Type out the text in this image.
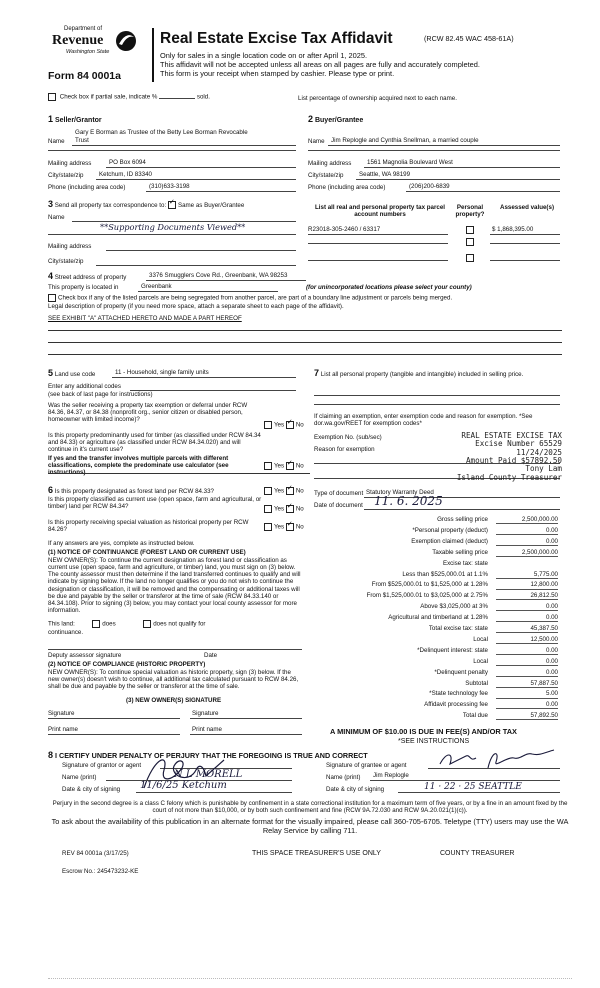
Department of
Revenue
Washington State
Form 84 0001a
Real Estate Excise Tax Affidavit	(RCW 82.45 WAC 458-61A)
Only for sales in a single location code on or after April 1, 2025.
This affidavit will not be accepted unless all areas on all pages are fully and accurately completed.
This form is your receipt when stamped by cashier. Please type or print.
Check box if partial sale, indicate %	sold.	List percentage of ownership acquired next to each name.
1 Seller/Grantor
Gary E Borman as Trustee of the Betty Lee Borman Revocable
Name	Trust
Mailing address	PO Box 6094
City/state/zip	Ketchum, ID 83340
Phone (including area code)	(310)633-3198
2 Buyer/Grantee
Name	Jim Replogle and Cynthia Snellman, a married couple
Mailing address	1561 Magnolia Boulevard West
City/state/zip	Seattle, WA 98199
Phone (including area code)	(206)200-6839
3 Send all property tax correspondence to: ✓ Same as Buyer/Grantee
Name
**Supporting Documents Viewed**
Mailing address
City/state/zip
List all real and personal property tax parcel account numbers
Personal property?
Assessed value(s)
R23018-305-2460 / 63317	$ 1,868,395.00
4 Street address of property	3376 Smugglers Cove Rd., Greenbank, WA 98253
This property is located in	Greenbank	(for unincorporated locations please select your county)
Check box if any of the listed parcels are being segregated from another parcel, are part of a boundary line adjustment or parcels being merged.
Legal description of property (if you need more space, attach a separate sheet to each page of the affidavit).
SEE EXHIBIT "A" ATTACHED HERETO AND MADE A PART HEREOF
5 Land use code	11 - Household, single family units
Enter any additional codes
(see back of last page for instructions)
Was the seller receiving a property tax exemption or deferral under RCW 84.36, 84.37, or 84.38 (nonprofit org., senior citizen or disabled person, homeowner with limited income)?
Yes ✓ No
Is this property predominantly used for timber (as classified under RCW 84.34 and 84.33) or agriculture (as classified under RCW 84.34.020) and will continue in it's current use?
If yes and the transfer involves multiple parcels with different classifications, complete the predominate use calculator (see instructions)
Yes ✓ No
6 Is this property designated as forest land per RCW 84.33?	Yes ✓ No
Is this property classified as current use (open space, farm and agricultural, or timber) land per RCW 84.34?	Yes ✓ No
Is this property receiving special valuation as historical property per RCW 84.26?	Yes ✓ No
If any answers are yes, complete as instructed below.
(1) NOTICE OF CONTINUANCE (FOREST LAND OR CURRENT USE)
NEW OWNER(S): To continue the current designation as forest land or classification as current use (open space, farm and agriculture, or timber) land, you must sign on (3) below. The county assessor must then determine if the land transferred continues to qualify and will indicate by signing below. If the land no longer qualifies or you do not wish to continue the designation or classification, it will be removed and the compensating or additional taxes will be due and payable by the seller or transferor at the time of sale (RCW 84.33.140 or 84.34.108). Prior to signing (3) below, you may contact your local county assessor for more information.
This land:	does	does not qualify for
continuance.
Deputy assessor signature	Date
(2) NOTICE OF COMPLIANCE (HISTORIC PROPERTY)
NEW OWNER(S): To continue special valuation as historic property, sign (3) below. If the new owner(s) doesn't wish to continue, all additional tax calculated pursuant to RCW 84.26, shall be due and payable by the seller or transferor at the time of sale.
(3) NEW OWNER(S) SIGNATURE
Signature	Signature
Print name	Print name
7 List all personal property (tangible and intangible) included in selling price.
If claiming an exemption, enter exemption code and reason for exemption. *See dor.wa.gov/REET for exemption codes*
Exemption No. (sub/sec)
Reason for exemption
REAL ESTATE EXCISE TAX
Excise Number 65529
11/24/2025
Amount Paid $57892.50
Tony Lam
Island County Treasurer
Type of document Statutory Warranty Deed
Date of document 11. 6. 2025
Gross selling price	2,500,000.00
*Personal property (deduct)	0.00
Exemption claimed (deduct)	0.00
Taxable selling price	2,500,000.00
Excise tax: state
Less than $525,000.01 at 1.1%	5,775.00
From $525,000.01 to $1,525,000 at 1.28%	12,800.00
From $1,525,000.01 to $3,025,000 at 2.75%	26,812.50
Above $3,025,000 at 3%	0.00
Agricultural and timberland at 1.28%	0.00
Total excise tax: state	45,387.50
Local	12,500.00
*Delinquent interest: state	0.00
Local	0.00
*Delinquent penalty	0.00
Subtotal	57,887.50
*State technology fee	5.00
Affidavit processing fee	0.00
Total due	57,892.50
A MINIMUM OF $10.00 IS DUE IN FEE(S) AND/OR TAX
*SEE INSTRUCTIONS
8 I CERTIFY UNDER PENALTY OF PERJURY THAT THE FOREGOING IS TRUE AND CORRECT
Signature of grantor or agent	Signature of grantee or agent
Name (print)	N L MORELL	Name (print)	Jim Replogle
Date & city of signing 11/6/25 Ketchum	Date & city of signing	11 · 22 · 25 SEATTLE
Perjury in the second degree is a class C felony which is punishable by confinement in a state correctional institution for a maximum term of five years, or by a fine in an amount fixed by the court of not more than $10,000, or by both such confinement and fine (RCW 9A.72.030 and RCW 9A.20.021(1)(c)).
To ask about the availability of this publication in an alternate format for the visually impaired, please call 360-705-6705. Teletype (TTY) users may use the WA Relay Service by calling 711.
REV 84 0001a (3/17/25)	THIS SPACE TREASURER'S USE ONLY	COUNTY TREASURER
Escrow No.: 245473232-KE
